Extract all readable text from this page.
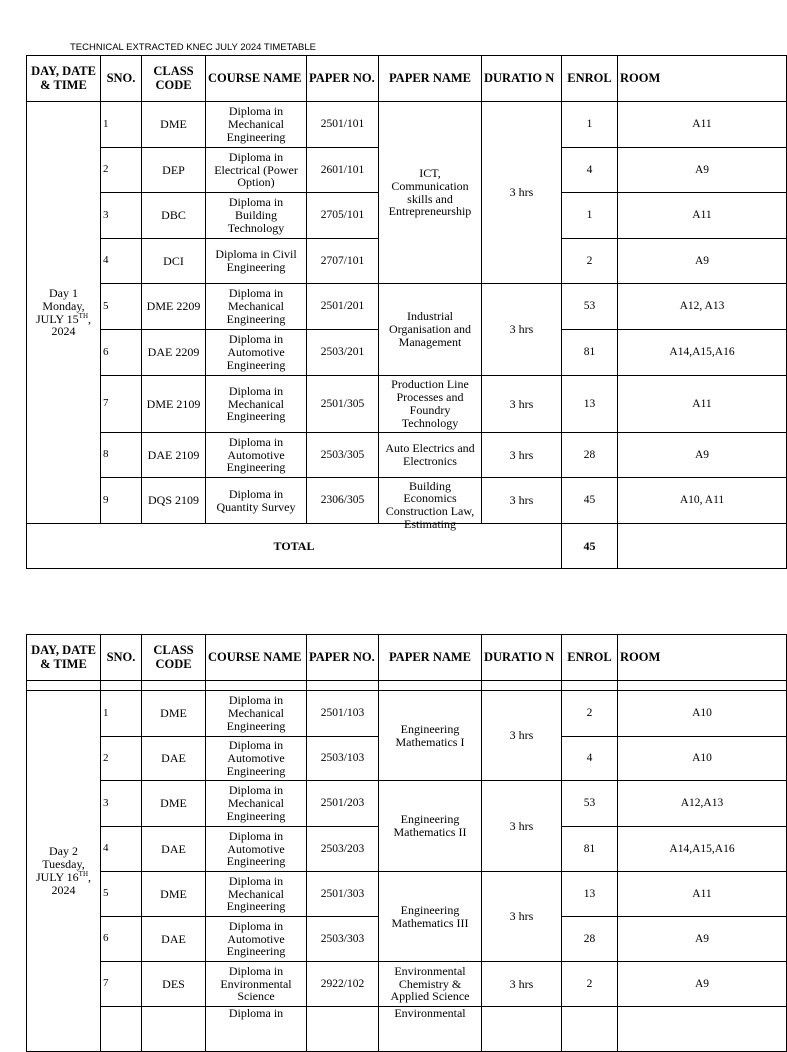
TECHNICAL EXTRACTED KNEC JULY 2024 TIMETABLE
DAY, DATE & TIME	SNO.	CLASS CODE	COURSE NAME	PAPER NO.	PAPER NAME	DURATIO N	ENROL	ROOM
Day 1
Monday,
JULY 15TH,
2024	1	DME	Diploma in Mechanical Engineering	2501/101	ICT, Communication skills and Entrepreneurship	3 hrs	1	A11
	2	DEP	Diploma in Electrical (Power Option)	2601/101			4	A9
	3	DBC	Diploma in Building Technology	2705/101			1	A11
	4	DCI	Diploma in Civil Engineering	2707/101			2	A9
	5	DME 2209	Diploma in Mechanical Engineering	2501/201	Industrial Organisation and Management	3 hrs	53	A12, A13
	6	DAE 2209	Diploma in Automotive Engineering	2503/201			81	A14,A15,A16
	7	DME 2109	Diploma in Mechanical Engineering	2501/305	Production Line Processes and Foundry Technology	3 hrs	13	A11
	8	DAE 2109	Diploma in Automotive Engineering	2503/305	Auto Electrics and Electronics	3 hrs	28	A9
	9	DQS 2109	Diploma in Quantity Survey	2306/305	Building Economics Construction Law, Estimating	3 hrs	45	A10, A11
TOTAL							45	
DAY, DATE & TIME	SNO.	CLASS CODE	COURSE NAME	PAPER NO.	PAPER NAME	DURATIO N	ENROL	ROOM

Day 2
Tuesday,
JULY 16TH,
2024	1	DME	Diploma in Mechanical Engineering	2501/103	Engineering Mathematics I	3 hrs	2	A10
	2	DAE	Diploma in Automotive Engineering	2503/103			4	A10
	3	DME	Diploma in Mechanical Engineering	2501/203	Engineering Mathematics II	3 hrs	53	A12,A13
	4	DAE	Diploma in Automotive Engineering	2503/203			81	A14,A15,A16
	5	DME	Diploma in Mechanical Engineering	2501/303	Engineering Mathematics III	3 hrs	13	A11
	6	DAE	Diploma in Automotive Engineering	2503/303			28	A9
	7	DES	Diploma in Environmental Science	2922/102	Environmental Chemistry & Applied Science	3 hrs	2	A9
			Diploma in		Environmental			
